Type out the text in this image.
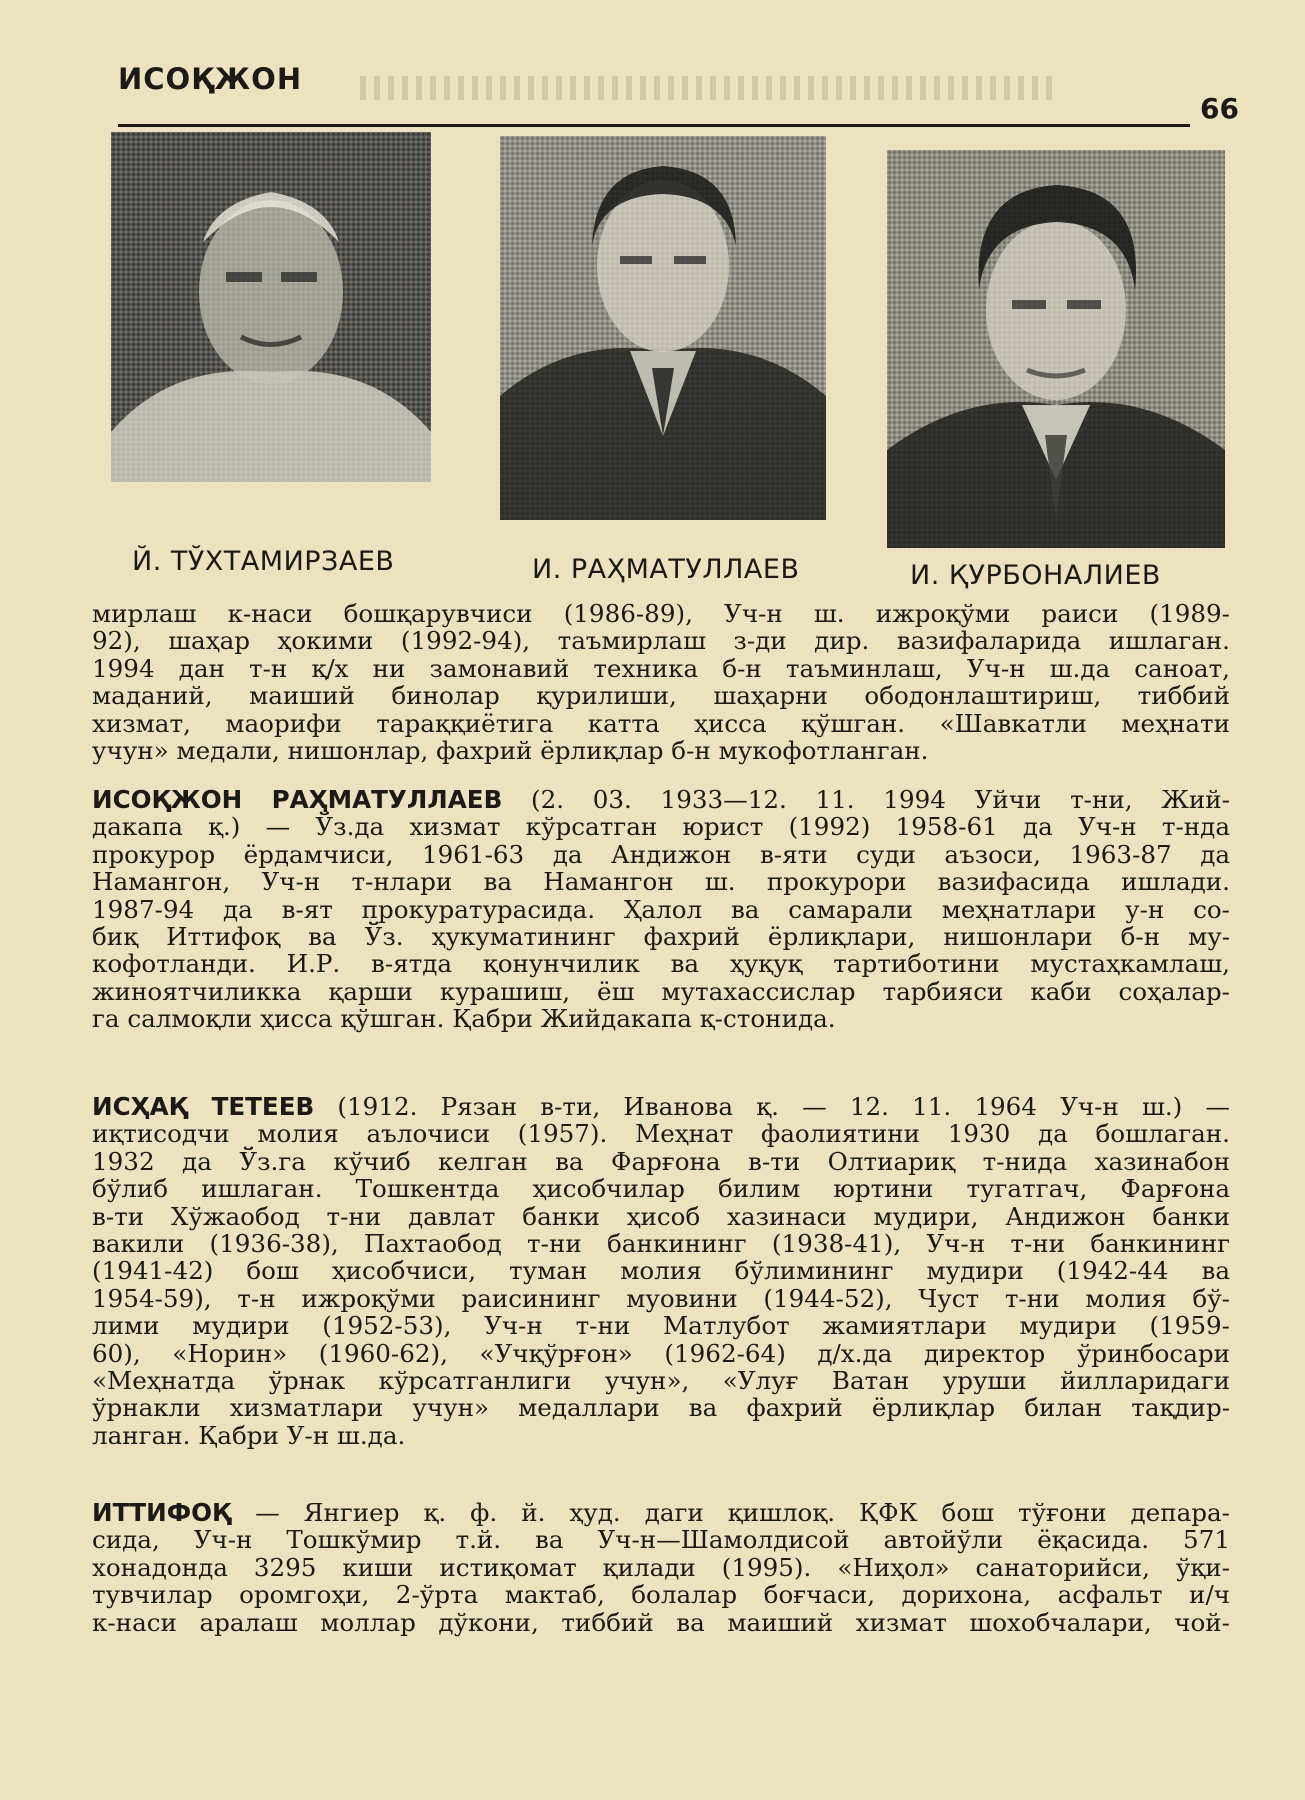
ИСОҚЖОН
66
Й. ТЎХТАМИРЗАЕВ	И. РАҲМАТУЛЛАЕВ	И. ҚУРБОНАЛИЕВ
мирлаш к-наси бошқарувчиси (1986-89), Уч-н ш. ижроқўми раиси (1989-
92), шаҳар ҳокими (1992-94), таъмирлаш з-ди дир. вазифаларида ишлаган.
1994 дан т-н қ/х ни замонавий техника б-н таъминлаш, Уч-н ш.да саноат,
маданий, маиший бинолар қурилиши, шаҳарни ободонлаштириш, тиббий
хизмат, маорифи тараққиётига катта ҳисса қўшган. «Шавкатли меҳнати
учун» медали, нишонлар, фахрий ёрлиқлар б-н мукофотланган.
ИСОҚЖОН РАҲМАТУЛЛАЕВ (2. 03. 1933—12. 11. 1994 Уйчи т-ни, Жий-
дакапа қ.) — Ўз.да хизмат кўрсатган юрист (1992) 1958-61 да Уч-н т-нда
прокурор ёрдамчиси, 1961-63 да Андижон в-яти суди аъзоси, 1963-87 да
Намангон, Уч-н т-нлари ва Намангон ш. прокурори вазифасида ишлади.
1987-94 да в-ят прокуратурасида. Ҳалол ва самарали меҳнатлари у-н со-
биқ Иттифоқ ва Ўз. ҳукуматининг фахрий ёрлиқлари, нишонлари б-н му-
кофотланди. И.Р. в-ятда қонунчилик ва ҳуқуқ тартиботини мустаҳкамлаш,
жиноятчиликка қарши курашиш, ёш мутахассислар тарбияси каби соҳалар-
га салмоқли ҳисса қўшган. Қабри Жийдакапа қ-стонида.
ИСҲАҚ ТЕТЕЕВ (1912. Рязан в-ти, Иванова қ. — 12. 11. 1964 Уч-н ш.) —
иқтисодчи молия аълочиси (1957). Меҳнат фаолиятини 1930 да бошлаган.
1932 да Ўз.га кўчиб келган ва Фарғона в-ти Олтиариқ т-нида хазинабон
бўлиб ишлаган. Тошкентда ҳисобчилар билим юртини тугатгач, Фарғона
в-ти Хўжаобод т-ни давлат банки ҳисоб хазинаси мудири, Андижон банки
вакили (1936-38), Пахтаобод т-ни банкининг (1938-41), Уч-н т-ни банкининг
(1941-42) бош ҳисобчиси, туман молия бўлимининг мудири (1942-44 ва
1954-59), т-н ижроқўми раисининг муовини (1944-52), Чуст т-ни молия бў-
лими мудири (1952-53), Уч-н т-ни Матлубот жамиятлари мудири (1959-
60), «Норин» (1960-62), «Учқўрғон» (1962-64) д/х.да директор ўринбосари
«Меҳнатда ўрнак кўрсатганлиги учун», «Улуғ Ватан уруши йилларидаги
ўрнакли хизматлари учун» медаллари ва фахрий ёрлиқлар билан тақдир-
ланган. Қабри У-н ш.да.
ИТТИФОҚ — Янгиер қ. ф. й. ҳуд. даги қишлоқ. ҚФК бош тўғони депара-
сида, Уч-н Тошкўмир т.й. ва Уч-н—Шамолдисой автойўли ёқасида. 571
хонадонда 3295 киши истиқомат қилади (1995). «Ниҳол» санаторийси, ўқи-
тувчилар оромгоҳи, 2-ўрта мактаб, болалар боғчаси, дорихона, асфальт и/ч
к-наси аралаш моллар дўкони, тиббий ва маиший хизмат шохобчалари, чой-
